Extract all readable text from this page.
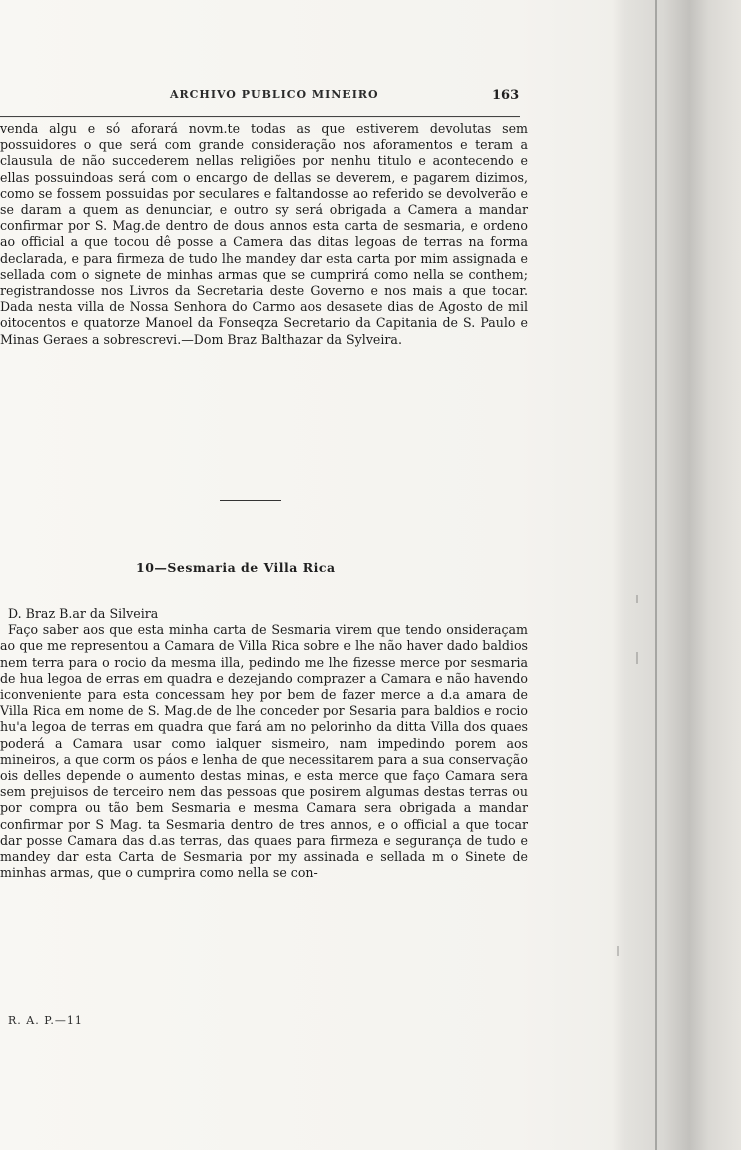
ARCHIVO PUBLICO MINEIRO	163

venda algu e só aforará novm.te todas as que estiverem devolutas sem possuidores o que será com grande consideração nos aforamentos e teram a clausula de não succederem nellas religiões por nenhu titulo e acontecendo e ellas possuindoas será com o encargo de dellas se deverem, e pagarem dizimos, como se fossem possuidas por seculares e faltandosse ao referido se devolverão e se daram a quem as denunciar, e outro sy será obrigada a Camera a mandar confirmar por S. Mag.de dentro de dous annos esta carta de sesmaria, e ordeno ao official a que tocou dê posse a Camera das ditas legoas de terras na forma declarada, e para firmeza de tudo lhe mandey dar esta carta por mim assignada e sellada com o signete de minhas armas que se cumprirá como nella se conthem; registrandosse nos Livros da Secretaria deste Governo e nos mais a que tocar. Dada nesta villa de Nossa Senhora do Carmo aos desasete dias de Agosto de mil oitocentos e quatorze Manoel da Fonseqza Secretario da Capitania de S. Paulo e Minas Geraes a sobrescrevi.—Dom Braz Balthazar da Sylveira.

10—Sesmaria de Villa Rica

D. Braz B.ar da Silveira

Faço saber aos que esta minha carta de Sesmaria virem que tendo onsideraçam ao que me representou a Camara de Villa Rica sobre e lhe não haver dado baldios nem terra para o rocio da mesma illa, pedindo me lhe fizesse merce por sesmaria de hua legoa de erras em quadra e dezejando comprazer a Camara e não havendo iconveniente para esta concessam hey por bem de fazer merce a d.a amara de Villa Rica em nome de S. Mag.de de lhe conceder por Sesaria para baldios e rocio hu'a legoa de terras em quadra que fará am no pelorinho da ditta Villa dos quaes poderá a Camara usar como ialquer sismeiro, nam impedindo porem aos mineiros, a que corm os páos e lenha de que necessitarem para a sua conservação ois delles depende o aumento destas minas, e esta merce que faço Camara sera sem prejuisos de terceiro nem das pessoas que posirem algumas destas terras ou por compra ou tão bem Sesmaria e mesma Camara sera obrigada a mandar confirmar por S Mag. ta Sesmaria dentro de tres annos, e o official a que tocar dar posse Camara das d.as terras, das quaes para firmeza e segurança de tudo e mandey dar esta Carta de Sesmaria por my assinada e sellada m o Sinete de minhas armas, que o cumprira como nella se con-

R. A. P.—11
